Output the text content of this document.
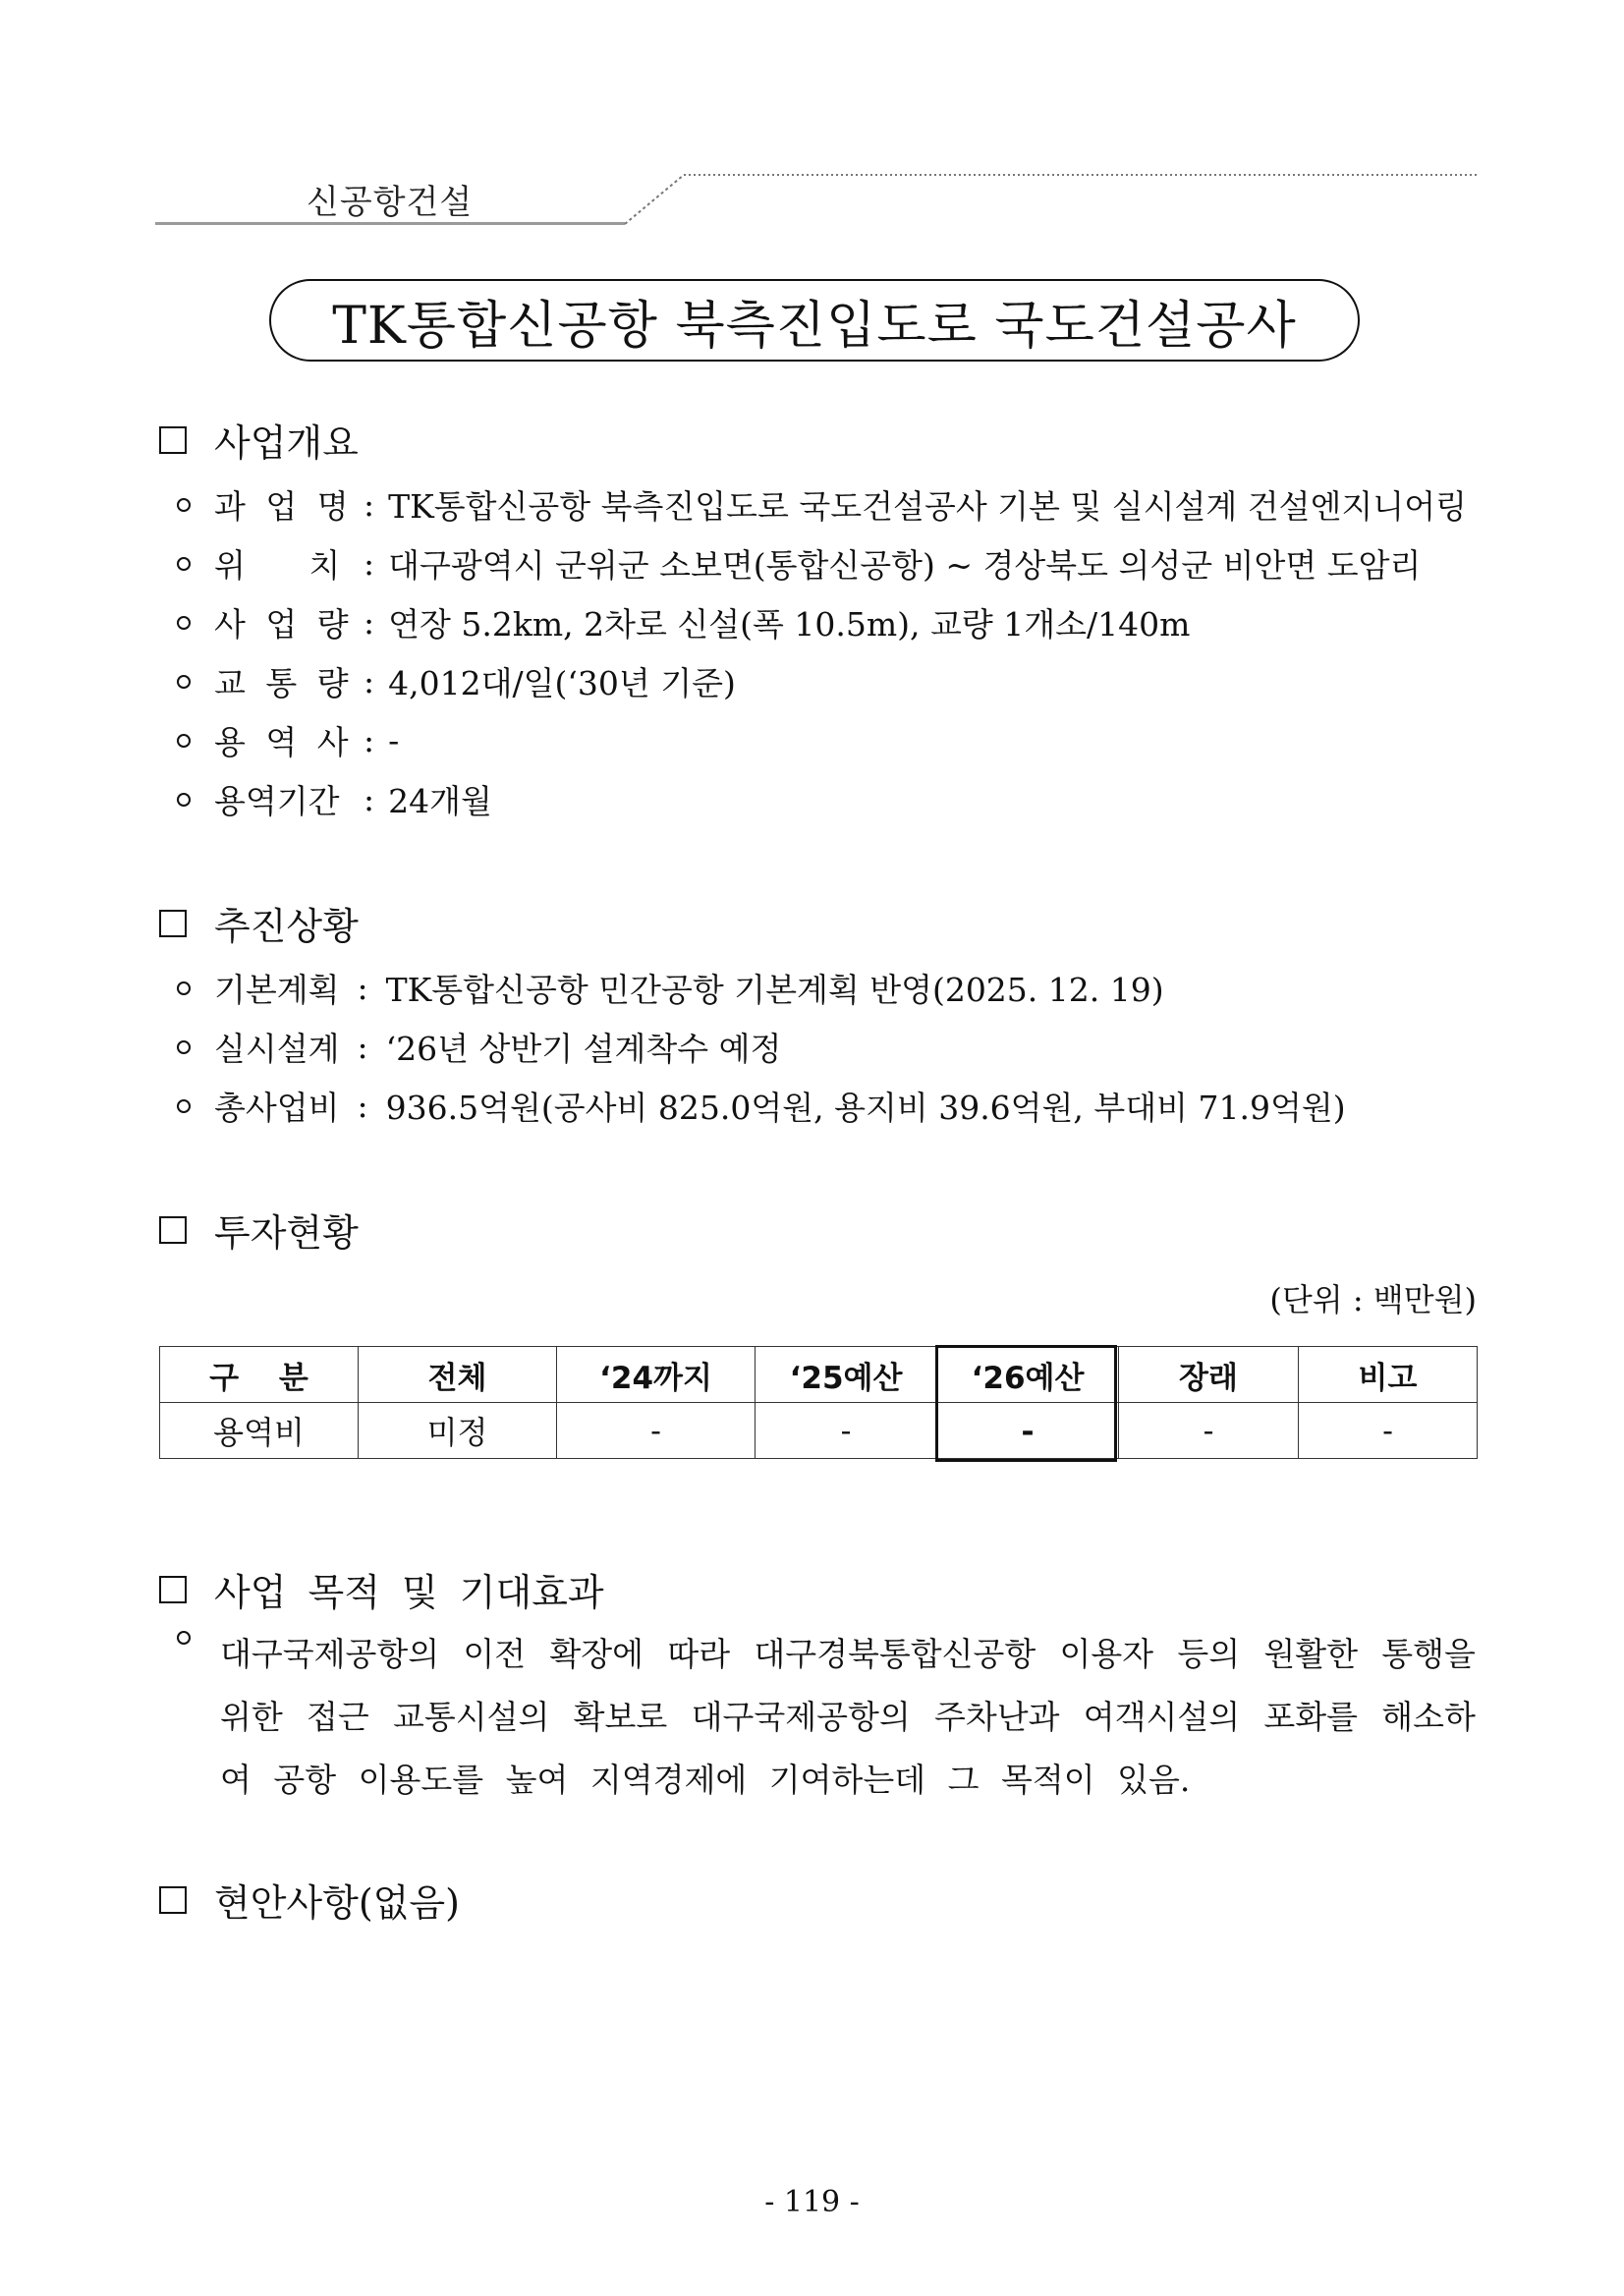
신공항건설
TK통합신공항 북측진입도로 국도건설공사
사업개요
과 업 명 : TK통합신공항 북측진입도로 국도건설공사 기본 및 실시설계 건설엔지니어링
위 치 : 대구광역시 군위군 소보면(통합신공항) ~ 경상북도 의성군 비안면 도암리
사 업 량 : 연장 5.2km, 2차로 신설(폭 10.5m), 교량 1개소/140m
교 통 량 : 4,012대/일(‘30년 기준)
용 역 사 : -
용역기간 : 24개월
추진상황
기본계획 : TK통합신공항 민간공항 기본계획 반영(2025. 12. 19)
실시설계 : ‘26년 상반기 설계착수 예정
총사업비 : 936.5억원(공사비 825.0억원, 용지비 39.6억원, 부대비 71.9억원)
투자현황
(단위 : 백만원)
구 분	전체	‘24까지	‘25예산	‘26예산	장래	비고
용역비	미정	-	-	-	-	-
사업 목적 및 기대효과
대구국제공항의 이전 확장에 따라 대구경북통합신공항 이용자 등의 원활한 통행을
위한 접근 교통시설의 확보로 대구국제공항의 주차난과 여객시설의 포화를 해소하
여 공항 이용도를 높여 지역경제에 기여하는데 그 목적이 있음.
현안사항(없음)
- 119 -
